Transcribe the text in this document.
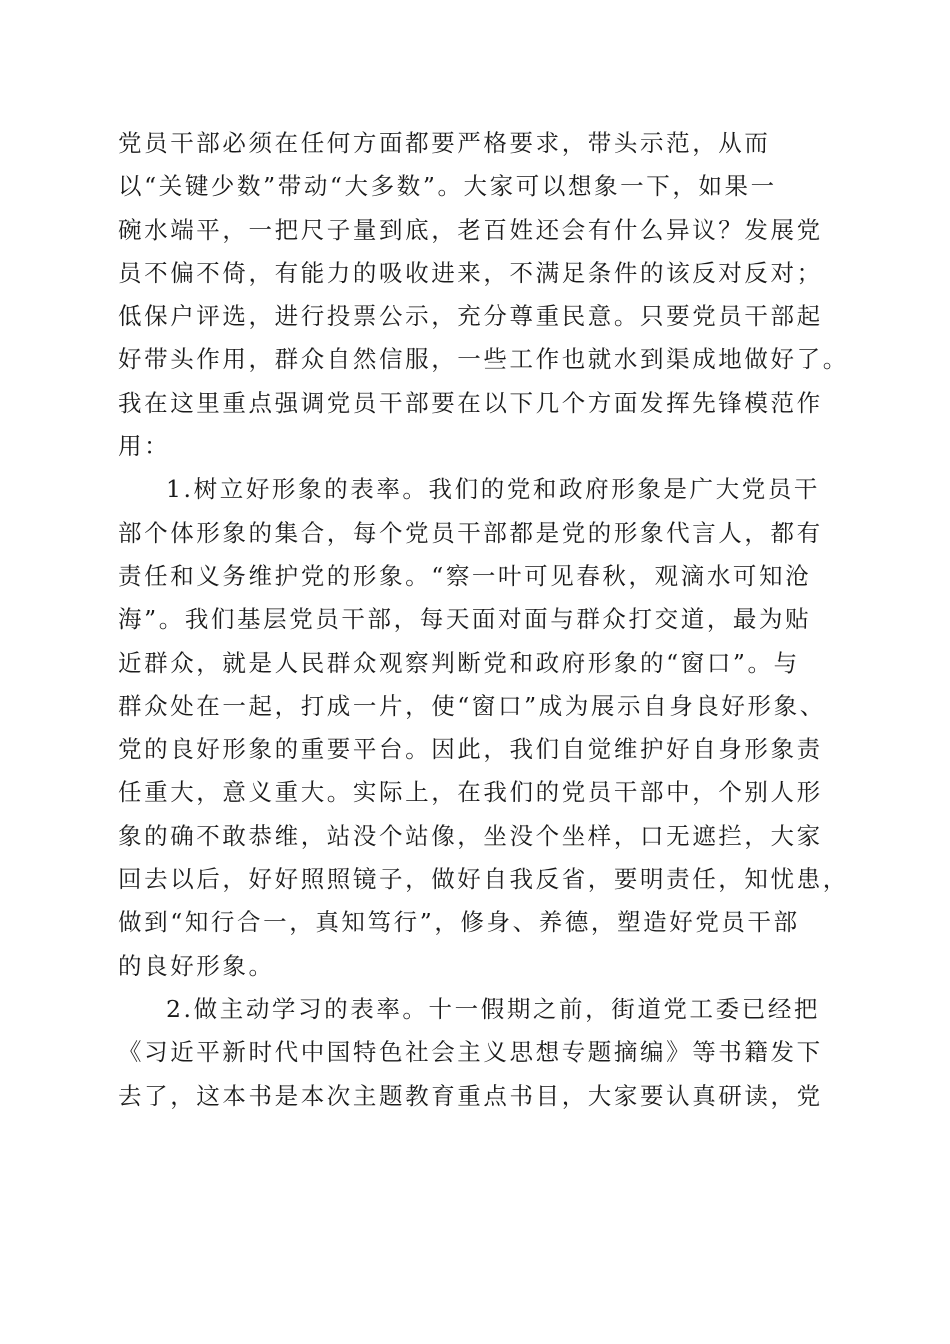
党员干部必须在任何方面都要严格要求，带头示范，从而
以“关键少数”带动“大多数”。大家可以想象一下，如果一
碗水端平，一把尺子量到底，老百姓还会有什么异议？发展党
员不偏不倚，有能力的吸收进来，不满足条件的该反对反对；
低保户评选，进行投票公示，充分尊重民意。只要党员干部起
好带头作用，群众自然信服，一些工作也就水到渠成地做好了。
我在这里重点强调党员干部要在以下几个方面发挥先锋模范作
用：
1.树立好形象的表率。我们的党和政府形象是广大党员干
部个体形象的集合，每个党员干部都是党的形象代言人，都有
责任和义务维护党的形象。“察一叶可见春秋，观滴水可知沧
海”。我们基层党员干部，每天面对面与群众打交道，最为贴
近群众，就是人民群众观察判断党和政府形象的“窗口”。与
群众处在一起，打成一片，使“窗口”成为展示自身良好形象、
党的良好形象的重要平台。因此，我们自觉维护好自身形象责
任重大，意义重大。实际上，在我们的党员干部中，个别人形
象的确不敢恭维，站没个站像，坐没个坐样，口无遮拦，大家
回去以后，好好照照镜子，做好自我反省，要明责任，知忧患，
做到“知行合一，真知笃行”，修身、养德，塑造好党员干部
的良好形象。
2.做主动学习的表率。十一假期之前，街道党工委已经把
《习近平新时代中国特色社会主义思想专题摘编》等书籍发下
去了，这本书是本次主题教育重点书目，大家要认真研读，党
